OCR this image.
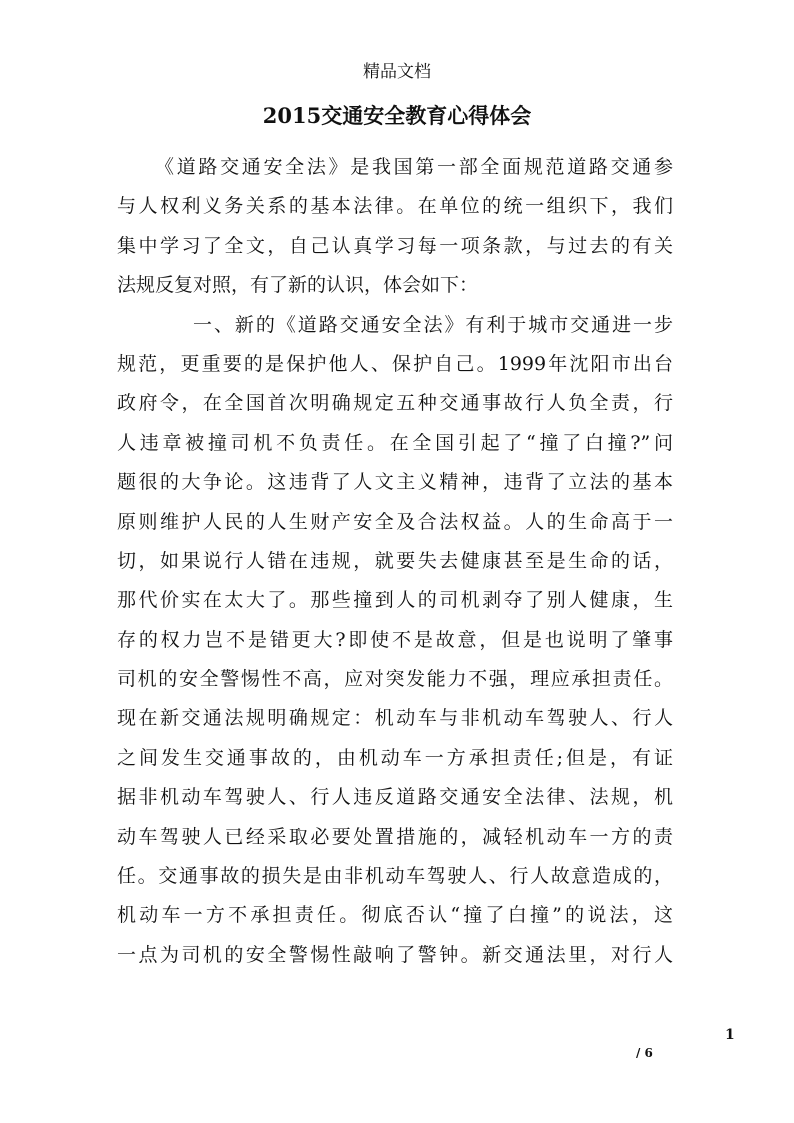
精品文档
2015交通安全教育心得体会
《道路交通安全法》是我国第一部全面规范道路交通参
与人权利义务关系的基本法律。在单位的统一组织下，我们
集中学习了全文，自己认真学习每一项条款，与过去的有关
法规反复对照，有了新的认识，体会如下：
一、新的《道路交通安全法》有利于城市交通进一步
规范，更重要的是保护他人、保护自己。1999年沈阳市出台
政府令，在全国首次明确规定五种交通事故行人负全责，行
人违章被撞司机不负责任。在全国引起了“撞了白撞?”问
题很的大争论。这违背了人文主义精神，违背了立法的基本
原则维护人民的人生财产安全及合法权益。人的生命高于一
切，如果说行人错在违规，就要失去健康甚至是生命的话，
那代价实在太大了。那些撞到人的司机剥夺了别人健康，生
存的权力岂不是错更大?即使不是故意，但是也说明了肇事
司机的安全警惕性不高，应对突发能力不强，理应承担责任。
现在新交通法规明确规定：机动车与非机动车驾驶人、行人
之间发生交通事故的，由机动车一方承担责任;但是，有证
据非机动车驾驶人、行人违反道路交通安全法律、法规，机
动车驾驶人已经采取必要处置措施的，减轻机动车一方的责
任。交通事故的损失是由非机动车驾驶人、行人故意造成的，
机动车一方不承担责任。彻底否认“撞了白撞”的说法，这
一点为司机的安全警惕性敲响了警钟。新交通法里，对行人
1
/ 6
